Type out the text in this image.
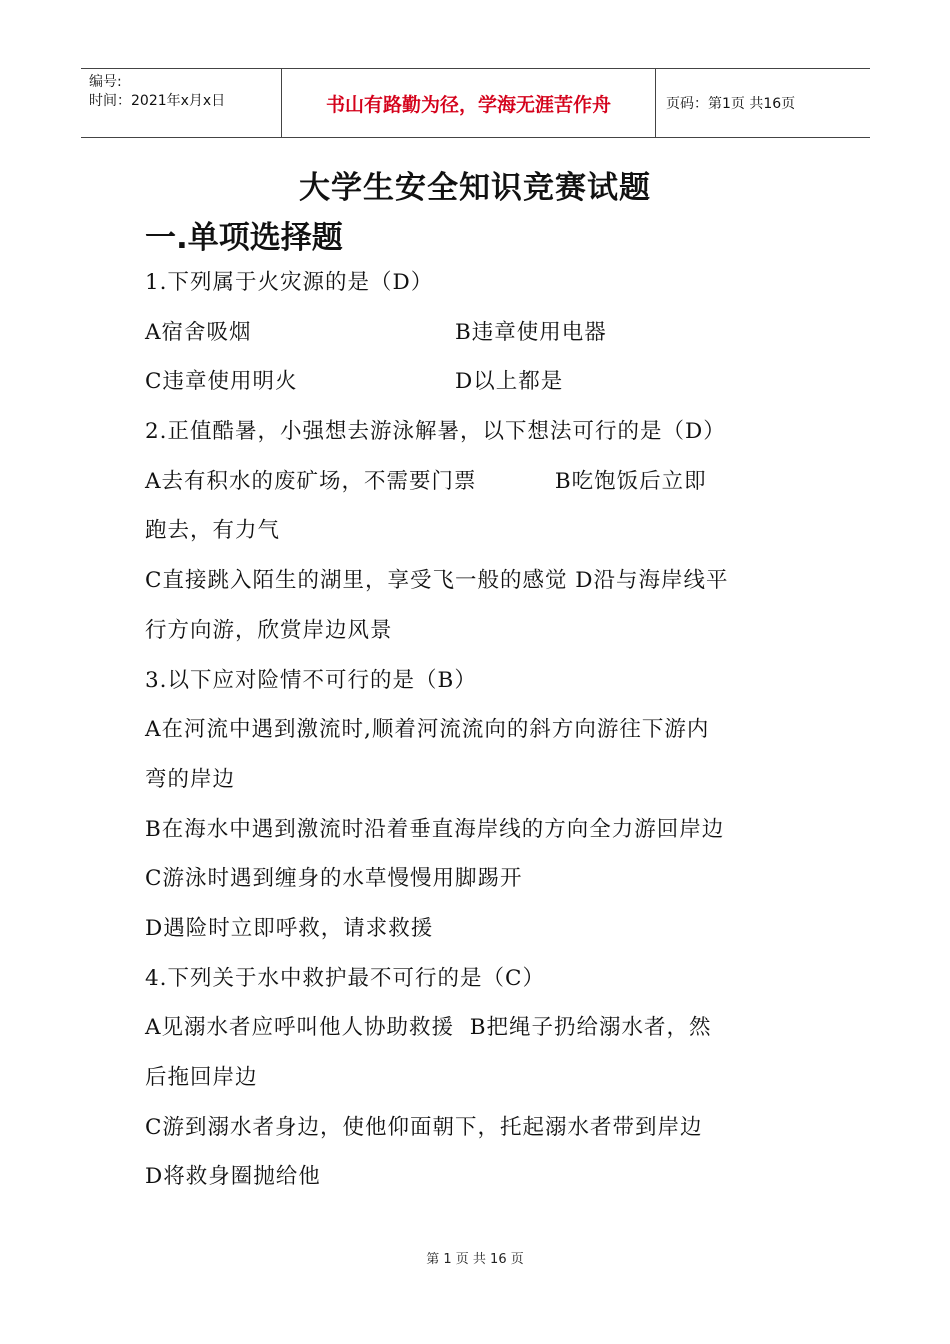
编号:
时间：2021年x月x日	书山有路勤为径，学海无涯苦作舟	页码：第1页 共16页
大学生安全知识竞赛试题
一.单项选择题
1.下列属于火灾源的是（D）
A宿舍吸烟	B违章使用电器
C违章使用明火	D以上都是
2.正值酷暑，小强想去游泳解暑，以下想法可行的是（D）
A去有积水的废矿场，不需要门票          B吃饱饭后立即
跑去，有力气
C直接跳入陌生的湖里，享受飞一般的感觉 D沿与海岸线平
行方向游，欣赏岸边风景
3.以下应对险情不可行的是（B）
A在河流中遇到激流时,顺着河流流向的斜方向游往下游内
弯的岸边
B在海水中遇到激流时沿着垂直海岸线的方向全力游回岸边
C游泳时遇到缠身的水草慢慢用脚踢开
D遇险时立即呼救，请求救援
4.下列关于水中救护最不可行的是（C）
A见溺水者应呼叫他人协助救援  B把绳子扔给溺水者，然
后拖回岸边
C游到溺水者身边，使他仰面朝下，托起溺水者带到岸边
D将救身圈抛给他
第 1 页 共 16 页
